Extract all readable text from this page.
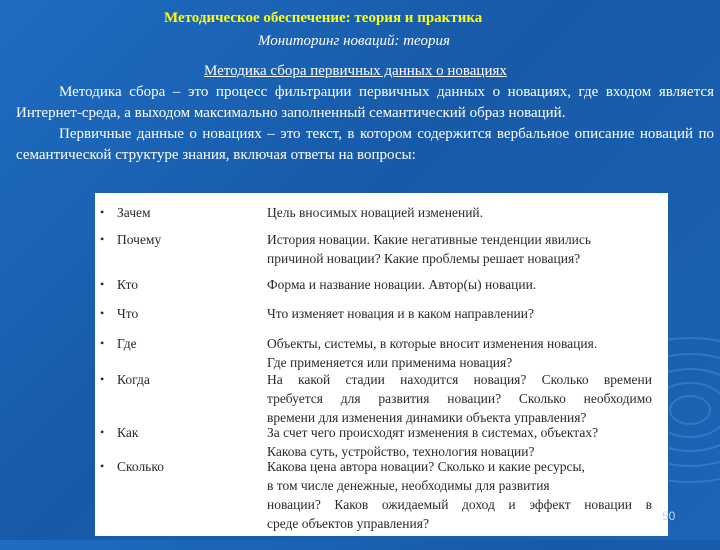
Методическое обеспечение: теория и практика
Мониторинг новаций: теория
Методика сбора первичных данных о новациях

Методика сбора – это процесс фильтрации первичных данных о новациях, где входом является Интернет-среда, а выходом максимально заполненный семантический образ новаций.

Первичные данные о новациях – это текст, в котором содержится вербальное описание новаций по семантической структуре знания, включая ответы на вопросы:

• Зачем	Цель вносимых новацией изменений.
• Почему	История новации. Какие негативные тенденции явились
причиной новации? Какие проблемы решает новация?
• Кто	Форма и название новации. Автор(ы) новации.
• Что	Что изменяет новация и в каком направлении?
• Где	Объекты, системы, в которые вносит изменения новация.
Где применяется или применима новация?
• Когда	На какой стадии находится новация? Сколько времени
требуется для развития новации? Сколько необходимо
времени для изменения динамики объекта управления?
• Как	За счет чего происходят изменения в системах, объектах?
Какова суть, устройство, технология новации?
• Сколько	Какова цена автора новации? Сколько и какие ресурсы,
в том числе денежные, необходимы для развития
новации? Каков ожидаемый доход и эффект новации в
среде объектов управления?	50
